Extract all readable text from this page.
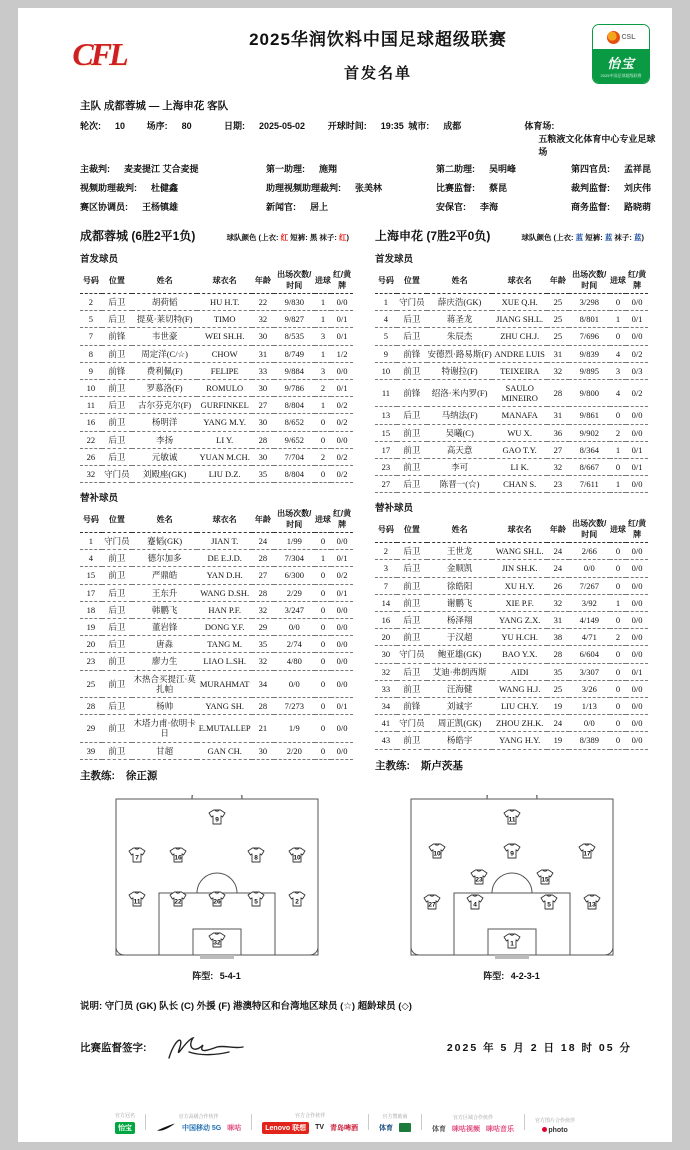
CFL	2025华润饮料中国足球超级联赛
首发名单
CSL
怡宝
2025中国足球超级联赛
主队 成都蓉城 — 上海申花 客队
轮次: 10	场序: 80	日期: 2025-05-02	开球时间: 19:35 城市: 成都	体育场:五粮液文化体育中心专业足球场
主裁判: 麦麦提江 艾合麦提	第一助理: 施翔	第二助理: 吴明峰	第四官员: 孟祥昆
视频助理裁判: 杜健鑫	助理视频助理裁判: 张美林	比赛监督: 蔡昆	裁判监督: 刘庆伟
赛区协调员: 王杨镇雄	新闻官: 居上	安保官: 李海	商务监督: 路晓萌
成都蓉城 (6胜2平1负)	球队颜色 (上衣: 红 短裤: 黑 袜子: 红)
首发球员
号码	位置	姓名	球衣名	年龄	出场次数/时间	进球	红/黄牌
2	后卫	胡荷韬	HU H.T.	22	9/830	1	0/0
5	后卫	提莫·莱切特(F)	TIMO	32	9/827	1	0/1
7	前锋	韦世豪	WEI SH.H.	30	8/535	3	0/1
8	前卫	周定洋(C/☆)	CHOW	31	8/749	1	1/2
9	前锋	费利佩(F)	FELIPE	33	9/884	3	0/0
10	前卫	罗慕洛(F)	ROMULO	30	9/786	2	0/1
11	后卫	古尔芬克尔(F)	GURFINKEL	27	8/804	1	0/2
16	前卫	杨明洋	YANG M.Y.	30	8/652	0	0/2
22	后卫	李扬	LI Y.	28	9/652	0	0/0
26	后卫	元敏诚	YUAN M.CH.	30	7/704	2	0/2
32	守门员	刘殿座(GK)	LIU D.Z.	35	8/804	0	0/2
替补球员
号码	位置	姓名	球衣名	年龄	出场次数/时间	进球	红/黄牌
1	守门员	蹇韬(GK)	JIAN T.	24	1/99	0	0/0
4	前卫	德尔加多	DE E.J.D.	28	7/304	1	0/1
15	前卫	严鼎皓	YAN D.H.	27	6/300	0	0/2
17	后卫	王东升	WANG D.SH.	28	2/29	0	0/1
18	后卫	韩鹏飞	HAN P.F.	32	3/247	0	0/0
19	后卫	董岩锋	DONG Y.F.	29	0/0	0	0/0
20	后卫	唐淼	TANG M.	35	2/74	0	0/0
23	前卫	廖力生	LIAO L.SH.	32	4/80	0	0/0
25	前卫	木热合买提江·莫扎帕	MURAHMAT	34	0/0	0	0/0
28	后卫	杨帅	YANG SH.	28	7/273	0	0/1
29	前卫	木塔力甫·依明卡日	E.MUTALLEP	21	1/9	0	0/0
39	前卫	甘超	GAN CH.	30	2/20	0	0/0
主教练: 徐正源
9
7	16	8	10
11	22	26	5	2
32
阵型: 5-4-1
上海申花 (7胜2平0负)	球队颜色 (上衣: 蓝 短裤: 蓝 袜子: 蓝)
首发球员
号码	位置	姓名	球衣名	年龄	出场次数/时间	进球	红/黄牌
1	守门员	薛庆浩(GK)	XUE Q.H.	25	3/298	0	0/0
4	后卫	蒋圣龙	JIANG SH.L.	25	8/801	1	0/1
5	后卫	朱辰杰	ZHU CH.J.	25	7/696	0	0/0
9	前锋	安德烈·路易斯(F)	ANDRE LUIS	31	9/839	4	0/2
10	前卫	特谢拉(F)	TEIXEIRA	32	9/895	3	0/3
11	前锋	绍洛·米内罗(F)	SAULO MINEIRO	28	9/800	4	0/2
13	后卫	马纳法(F)	MANAFA	31	9/861	0	0/0
15	前卫	吴曦(C)	WU X.	36	9/902	2	0/0
17	前卫	高天意	GAO T.Y.	27	8/364	1	0/1
23	前卫	李可	LI K.	32	8/667	0	0/1
27	后卫	陈晋一(☆)	CHAN S.	23	7/611	1	0/0
替补球员
号码	位置	姓名	球衣名	年龄	出场次数/时间	进球	红/黄牌
2	后卫	王世龙	WANG SH.L.	24	2/66	0	0/0
3	后卫	金顺凯	JIN SH.K.	24	0/0	0	0/0
7	前卫	徐皓阳	XU H.Y.	26	7/267	0	0/0
14	前卫	谢鹏飞	XIE P.F.	32	3/92	1	0/0
16	后卫	杨泽翔	YANG Z.X.	31	4/149	0	0/0
20	前卫	于汉超	YU H.CH.	38	4/71	2	0/0
30	守门员	鲍亚雄(GK)	BAO Y.X.	28	6/604	0	0/0
32	后卫	艾迪·弗朗西斯	AIDI	35	3/307	0	0/1
33	前卫	汪海健	WANG H.J.	25	3/26	0	0/0
34	前锋	刘诚宇	LIU CH.Y.	19	1/13	0	0/0
41	守门员	周正凯(GK)	ZHOU ZH.K.	24	0/0	0	0/0
43	前卫	杨皓宇	YANG H.Y.	19	8/389	0	0/0
主教练: 斯卢茨基
11
10	9	17
23	15
27	4	5	13
1
阵型: 4-2-3-1
说明: 守门员 (GK) 队长 (C) 外援 (F) 港澳特区和台湾地区球员 (☆) 超龄球员 (◇)
比赛监督签字:	2025 年 5 月 2 日 18 时 05 分
官方冠名
怡宝
官方高级合作伙伴
中国移动 5G 咪咕
官方合作伙伴
Lenovo 联想	TV 青岛啤酒
官方赞助商
体育
官方区域合作伙伴
体育 咪咕视频 咪咕音乐
官方图片合作伙伴
photo
